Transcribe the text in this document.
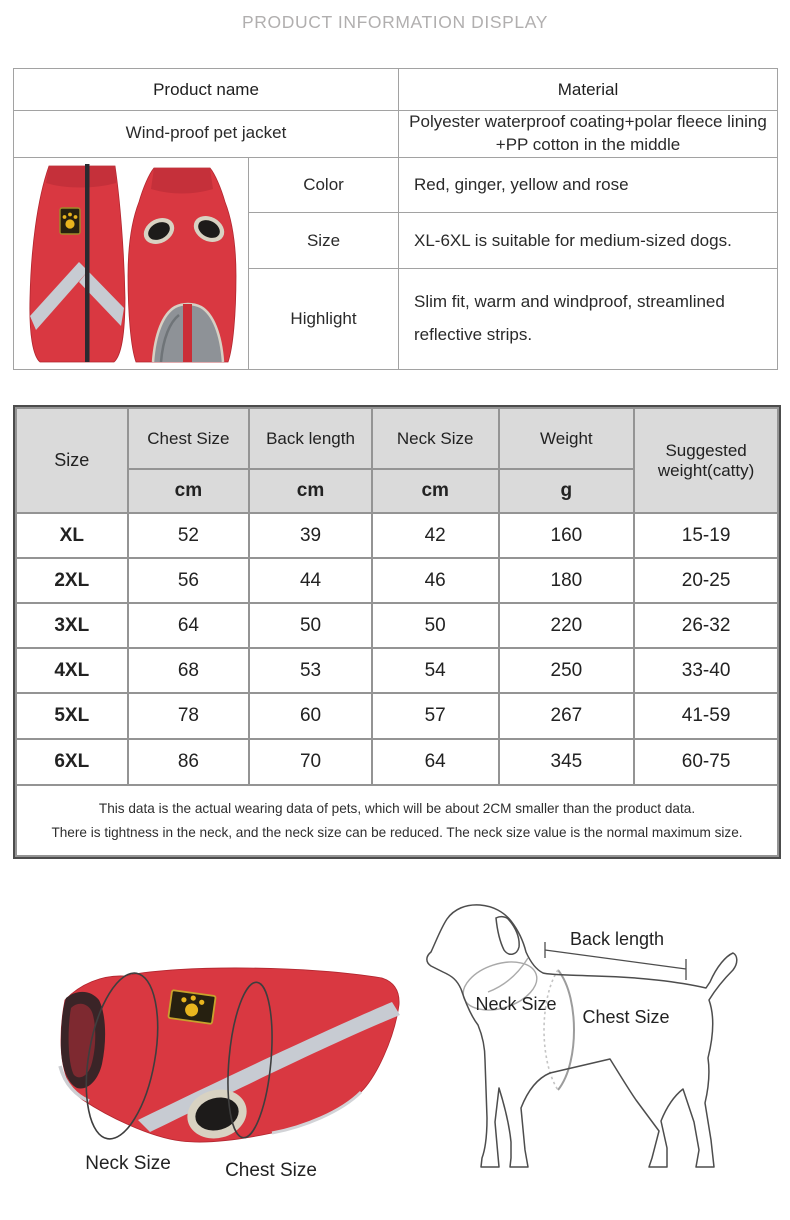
PRODUCT INFORMATION DISPLAY
Product name		Material
Wind-proof pet jacket		Polyester waterproof coating+polar fleece lining
+PP cotton in the middle

	Color	Red, ginger, yellow and rose
	Size	XL-6XL is suitable for medium-sized dogs.
	Highlight	Slim fit, warm and windproof, streamlined
reflective strips.
Size	Chest Size	Back length	Neck Size	Weight	Suggested weight(catty)
	cm	cm	cm	g	
XL	52	39	42	160	15-19
2XL	56	44	46	180	20-25
3XL	64	50	50	220	26-32
4XL	68	53	54	250	33-40
5XL	78	60	57	267	41-59
6XL	86	70	64	345	60-75

This data is the actual wearing data of pets, which will be about 2CM smaller than the product data.
There is tightness in the neck, and the neck size can be reduced. The neck size value is the normal maximum size.					
Back length
Neck Size
Chest Size
Neck Size	Chest Size
